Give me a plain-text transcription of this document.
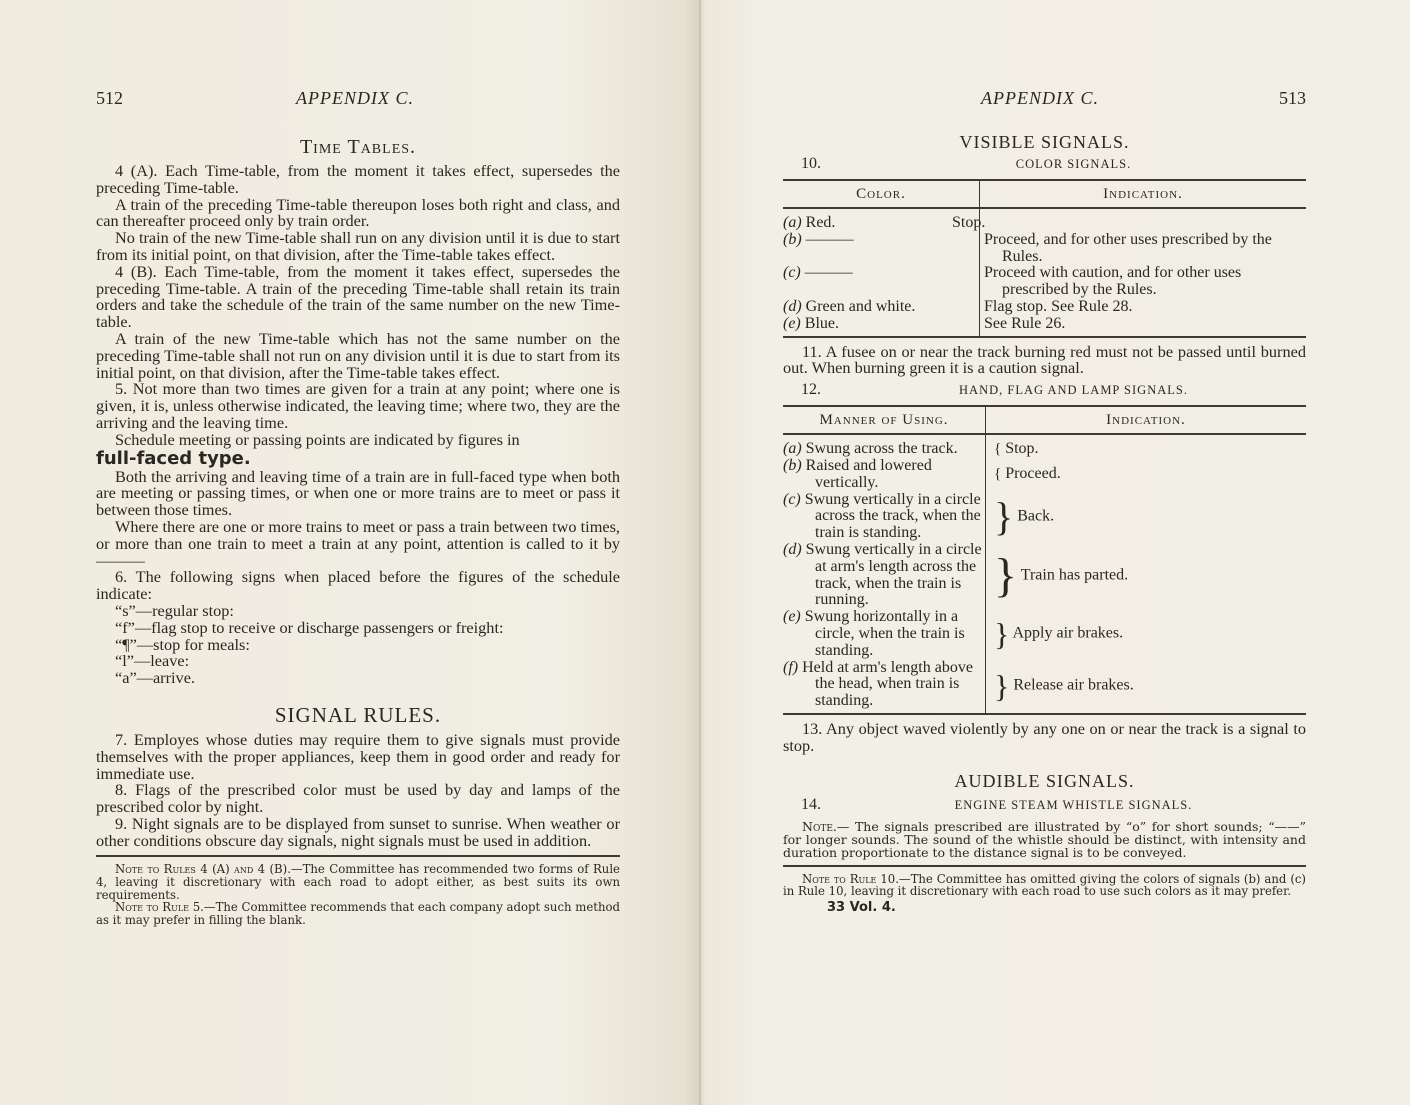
512	APPENDIX C.
Time Tables.

4 (A). Each Time-table, from the moment it takes effect, supersedes the preceding Time-table.

A train of the preceding Time-table thereupon loses both right and class, and can thereafter proceed only by train order.

No train of the new Time-table shall run on any division until it is due to start from its initial point, on that division, after the Time-table takes effect.

4 (B). Each Time-table, from the moment it takes effect, supersedes the preceding Time-table. A train of the preceding Time-table shall retain its train orders and take the schedule of the train of the same number on the new Time-table.

A train of the new Time-table which has not the same number on the preceding Time-table shall not run on any division until it is due to start from its initial point, on that division, after the Time-table takes effect.

5. Not more than two times are given for a train at any point; where one is given, it is, unless otherwise indicated, the leaving time; where two, they are the arriving and the leaving time.

Schedule meeting or passing points are indicated by figures in

full-faced type.

Both the arriving and leaving time of a train are in full-faced type when both are meeting or passing times, or when one or more trains are to meet or pass it between those times.

Where there are one or more trains to meet or pass a train between two times, or more than one train to meet a train at any point, attention is called to it by ———

6. The following signs when placed before the figures of the schedule indicate:

“s”—regular stop:
“f”—flag stop to receive or discharge passengers or freight:
“¶”—stop for meals:
“l”—leave:
“a”—arrive.
SIGNAL RULES.

7. Employes whose duties may require them to give signals must provide themselves with the proper appliances, keep them in good order and ready for immediate use.

8. Flags of the prescribed color must be used by day and lamps of the prescribed color by night.

9. Night signals are to be displayed from sunset to sunrise. When weather or other conditions obscure day signals, night signals must be used in addition.

Note to Rules 4 (A) and 4 (B).—The Committee has recommended two forms of Rule 4, leaving it discretionary with each road to adopt either, as best suits its own requirements.
Note to Rule 5.—The Committee recommends that each company adopt such method as it may prefer in filling the blank.
APPENDIX C.	513
VISIBLE SIGNALS.
10.	COLOR SIGNALS.
Color.	Indication.

(a) Red.	Stop.
(b) ———	Proceed, and for other uses prescribed by the Rules.
(c) ———	Proceed with caution, and for other uses prescribed by the Rules.
(d) Green and white.	Flag stop. See Rule 28.
(e) Blue.	See Rule 26.

11. A fusee on or near the track burning red must not be passed until burned out. When burning green it is a caution signal.

12.	HAND, FLAG AND LAMP SIGNALS.
Manner of Using.	Indication.

(a) Swung across the track.	{ Stop.
(b) Raised and lowered vertically.	{ Proceed.
(c) Swung vertically in a circle across the track, when the train is standing.	} Back.
(d) Swung vertically in a circle at arm's length across the track, when the train is running.	} Train has parted.
(e) Swung horizontally in a circle, when the train is standing.	} Apply air brakes.
(f) Held at arm's length above the head, when train is standing.	} Release air brakes.

13. Any object waved violently by any one on or near the track is a signal to stop.

AUDIBLE SIGNALS.
14.	ENGINE STEAM WHISTLE SIGNALS.
Note.— The signals prescribed are illustrated by “o” for short sounds; “——” for longer sounds. The sound of the whistle should be distinct, with intensity and duration proportionate to the distance signal is to be conveyed.
Note to Rule 10.—The Committee has omitted giving the colors of signals (b) and (c) in Rule 10, leaving it discretionary with each road to use such colors as it may prefer.
33 Vol. 4.
